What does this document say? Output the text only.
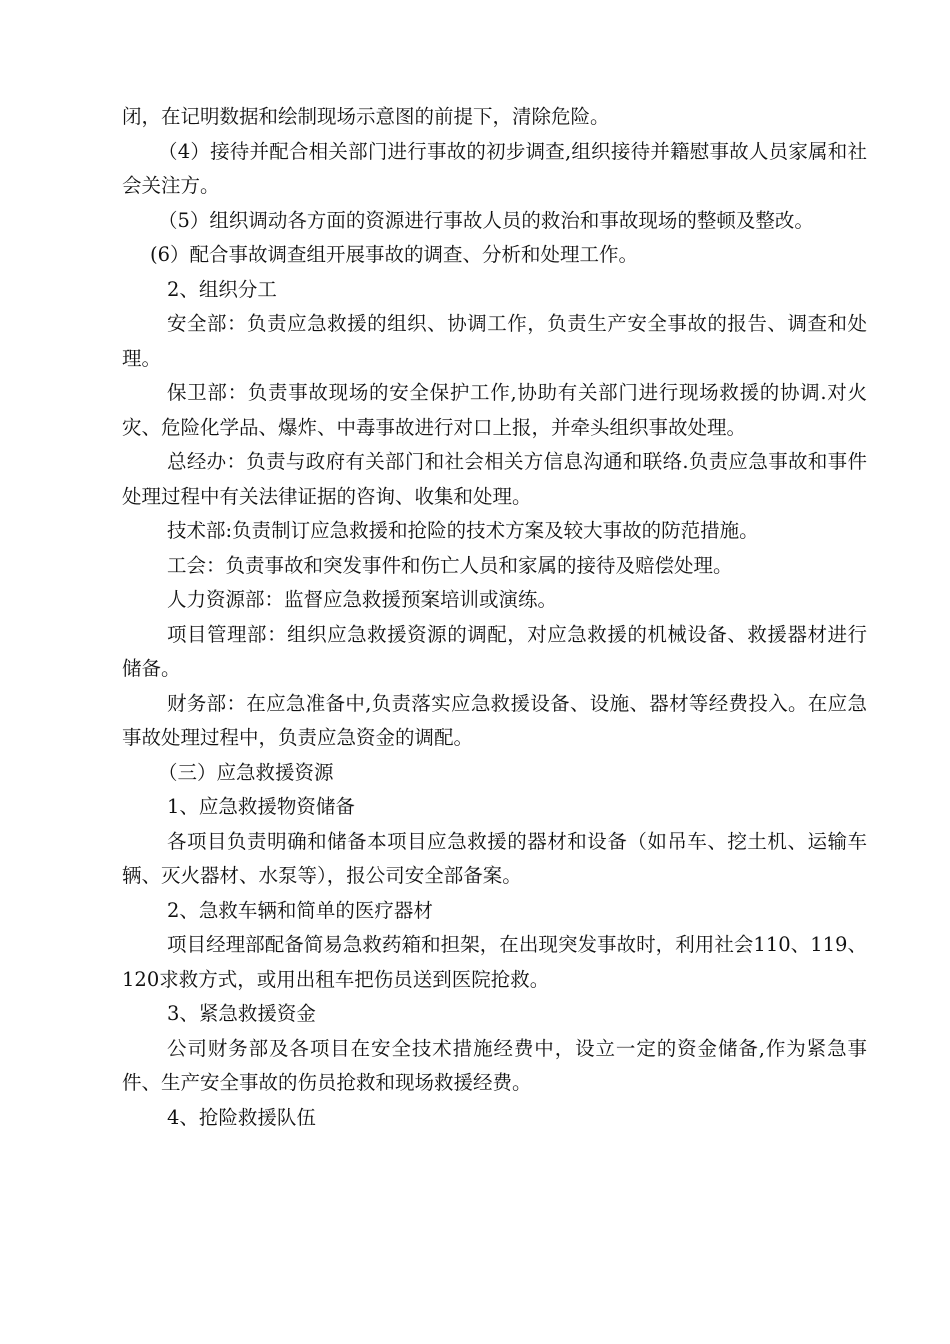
闭，在记明数据和绘制现场示意图的前提下，清除危险。

（4）接待并配合相关部门进行事故的初步调查,组织接待并籍慰事故人员家属和社会关注方。

（5）组织调动各方面的资源进行事故人员的救治和事故现场的整顿及整改。

(6）配合事故调查组开展事故的调查、分析和处理工作。

2、组织分工

安全部：负责应急救援的组织、协调工作，负责生产安全事故的报告、调查和处理。

保卫部：负责事故现场的安全保护工作,协助有关部门进行现场救援的协调.对火灾、危险化学品、爆炸、中毒事故进行对口上报，并牵头组织事故处理。

总经办：负责与政府有关部门和社会相关方信息沟通和联络.负责应急事故和事件处理过程中有关法律证据的咨询、收集和处理。

技术部:负责制订应急救援和抢险的技术方案及较大事故的防范措施。

工会：负责事故和突发事件和伤亡人员和家属的接待及赔偿处理。

人力资源部：监督应急救援预案培训或演练。

项目管理部：组织应急救援资源的调配，对应急救援的机械设备、救援器材进行储备。

财务部：在应急准备中,负责落实应急救援设备、设施、器材等经费投入。在应急事故处理过程中，负责应急资金的调配。

（三）应急救援资源

1、应急救援物资储备

各项目负责明确和储备本项目应急救援的器材和设备（如吊车、挖土机、运输车辆、灭火器材、水泵等），报公司安全部备案。

2、急救车辆和简单的医疗器材

项目经理部配备简易急救药箱和担架，在出现突发事故时，利用社会110、119、120求救方式，或用出租车把伤员送到医院抢救。

3、紧急救援资金

公司财务部及各项目在安全技术措施经费中，设立一定的资金储备,作为紧急事件、生产安全事故的伤员抢救和现场救援经费。

4、抢险救援队伍
